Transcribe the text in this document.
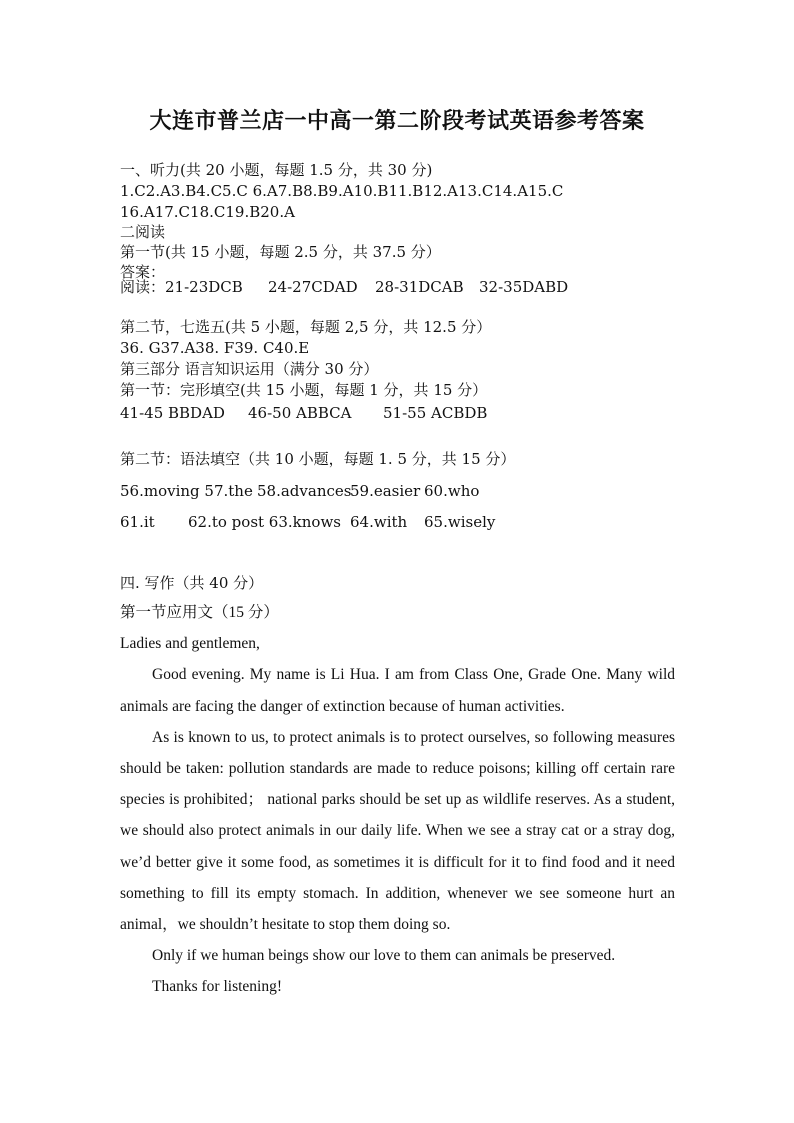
大连市普兰店一中高一第二阶段考试英语参考答案
一、听力(共 20 小题，每题 1.5 分，共 30 分)
1.C2.A3.B4.C5.C 6.A7.B8.B9.A10.B11.B12.A13.C14.A15.C
16.A17.C18.C19.B20.A
二阅读
第一节(共 15 小题，每题 2.5 分，共 37.5 分）
答案：
阅读：21-23DCB 24-27CDAD 28-31DCAB 32-35DABD
第二节，七选五(共 5 小题，每题 2,5 分，共 12.5 分）
36. G37.A38. F39. C40.E
第三部分 语言知识运用（满分 30 分）
第一节：完形填空(共 15 小题，每题 1 分，共 15 分）
41-45 BBDAD 46-50 ABBCA 51-55 ACBDB
第二节：语法填空（共 10 小题，每题 1. 5 分，共 15 分）
56.moving 57.the 58.advances59.easier 60.who
61.it 62.to post 63.knows 64.with 65.wisely
四. 写作（共 40 分）

第一节应用文（15 分）

Ladies and gentlemen,

Good evening. My name is Li Hua. I am from Class One, Grade One. Many wild animals are facing the danger of extinction because of human activities.

As is known to us, to protect animals is to protect ourselves, so following measures should be taken: pollution standards are made to reduce poisons; killing off certain rare species is prohibited； national parks should be set up as wildlife reserves. As a student, we should also protect animals in our daily life. When we see a stray cat or a stray dog, we’d better give it some food, as sometimes it is difficult for it to find food and it need something to fill its empty stomach. In addition, whenever we see someone hurt an animal，we shouldn’t hesitate to stop them doing so.

Only if we human beings show our love to them can animals be preserved.

Thanks for listening!
